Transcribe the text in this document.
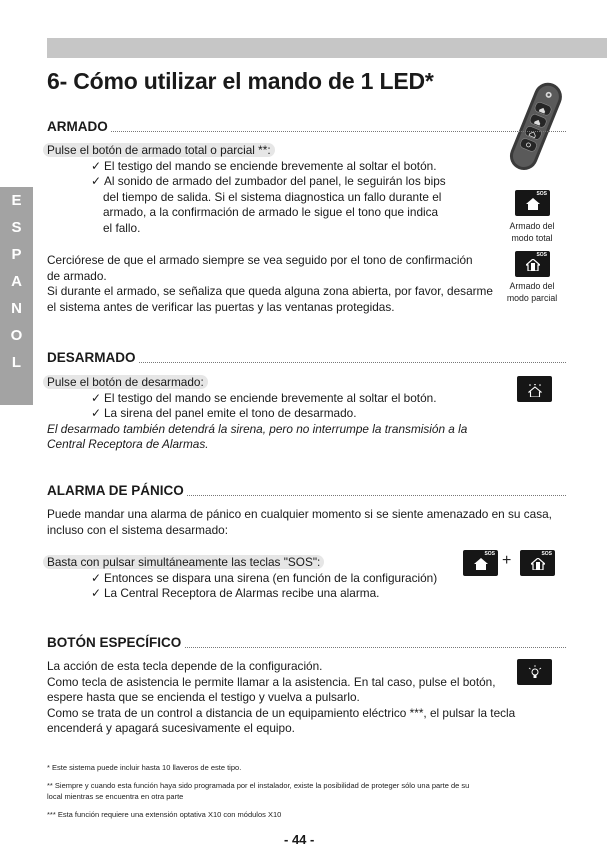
6- Cómo utilizar el mando de 1 LED*
E
S
P
A
N
O
L
ARMADO
Pulse el botón de armado total o parcial **:
✓ El testigo del mando se enciende brevemente al soltar el botón.
✓ Al sonido de armado del zumbador del panel, le seguirán los bips
del tiempo de salida. Si el sistema diagnostica un fallo durante el
armado, a la confirmación de armado le sigue el tono que indica
el fallo.
Cerciórese de que el armado siempre se vea seguido por el tono de confirmación
de armado.
Si durante el armado, se señaliza que queda alguna zona abierta, por favor, desarme
el sistema antes de verificar las puertas y las ventanas protegidas.
SOS
Armado del
modo total
SOS
Armado del
modo parcial
DESARMADO
Pulse el botón de desarmado:
✓ El testigo del mando se enciende brevemente al soltar el botón.
✓ La sirena del panel emite el tono de desarmado.
El desarmado también detendrá la sirena, pero no interrumpe la transmisión a la
Central Receptora de Alarmas.
ALARMA DE PÁNICO
Puede mandar una alarma de pánico en cualquier momento si se siente amenazado en su casa,
incluso con el sistema desarmado:
Basta con pulsar simultáneamente las teclas "SOS":
✓ Entonces se dispara una sirena (en función de la configuración)
✓ La Central Receptora de Alarmas recibe una alarma.
SOS +	SOS
BOTÓN ESPECÍFICO
La acción de esta tecla depende de la configuración.
Como tecla de asistencia le permite llamar a la asistencia. En tal caso, pulse el botón,
espere hasta que se encienda el testigo y vuelva a pulsarlo.
Como se trata de un control a distancia de un equipamiento eléctrico ***, el pulsar la tecla
encenderá y apagará sucesivamente el equipo.
* Este sistema puede incluir hasta 10 llaveros de este tipo.
** Siempre y cuando esta función haya sido programada por el instalador, existe la posibilidad de proteger sólo una parte de su
local mientras se encuentra en otra parte
*** Esta función requiere una extensión optativa X10 con módulos X10
- 44 -
